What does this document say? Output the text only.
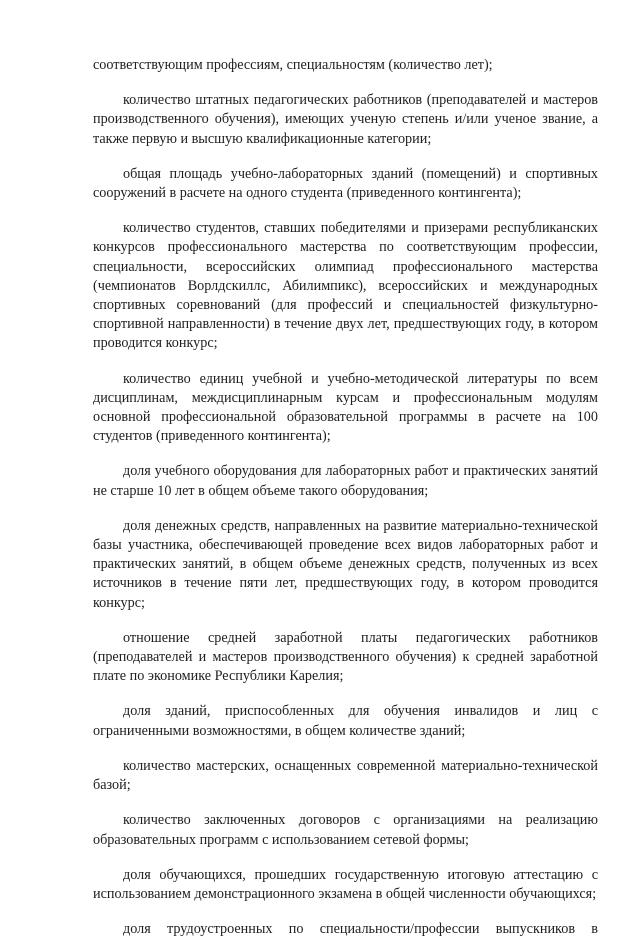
соответствующим профессиям, специальностям (количество лет);

количество штатных педагогических работников (преподавателей и мастеров производственного обучения), имеющих ученую степень и/или ученое звание, а также первую и высшую квалификационные категории;

общая площадь учебно-лабораторных зданий (помещений) и спортивных сооружений в расчете на одного студента (приведенного контингента);

количество студентов, ставших победителями и призерами республиканских конкурсов профессионального мастерства по соответствующим профессии, специальности, всероссийских олимпиад профессионального мастерства (чемпионатов Ворлдскиллс, Абилимпикс), всероссийских и международных спортивных соревнований (для профессий и специальностей физкультурно-спортивной направленности) в течение двух лет, предшествующих году, в котором проводится конкурс;

количество единиц учебной и учебно-методической литературы по всем дисциплинам, междисциплинарным курсам и профессиональным модулям основной профессиональной образовательной программы в расчете на 100 студентов (приведенного контингента);

доля учебного оборудования для лабораторных работ и практических занятий не старше 10 лет в общем объеме такого оборудования;

доля денежных средств, направленных на развитие материально-технической базы участника, обеспечивающей проведение всех видов лабораторных работ и практических занятий, в общем объеме денежных средств, полученных из всех источников в течение пяти лет, предшествующих году, в котором проводится конкурс;

отношение средней заработной платы педагогических работников (преподавателей и мастеров производственного обучения) к средней заработной плате по экономике Республики Карелия;

доля зданий, приспособленных для обучения инвалидов и лиц с ограниченными возможностями, в общем количестве зданий;

количество мастерских, оснащенных современной материально-технической базой;

количество заключенных договоров с организациями на реализацию образовательных программ с использованием сетевой формы;

доля обучающихся, прошедших государственную итоговую аттестацию с использованием демонстрационного экзамена в общей численности обучающихся;

доля трудоустроенных по специальности/профессии выпускников в
